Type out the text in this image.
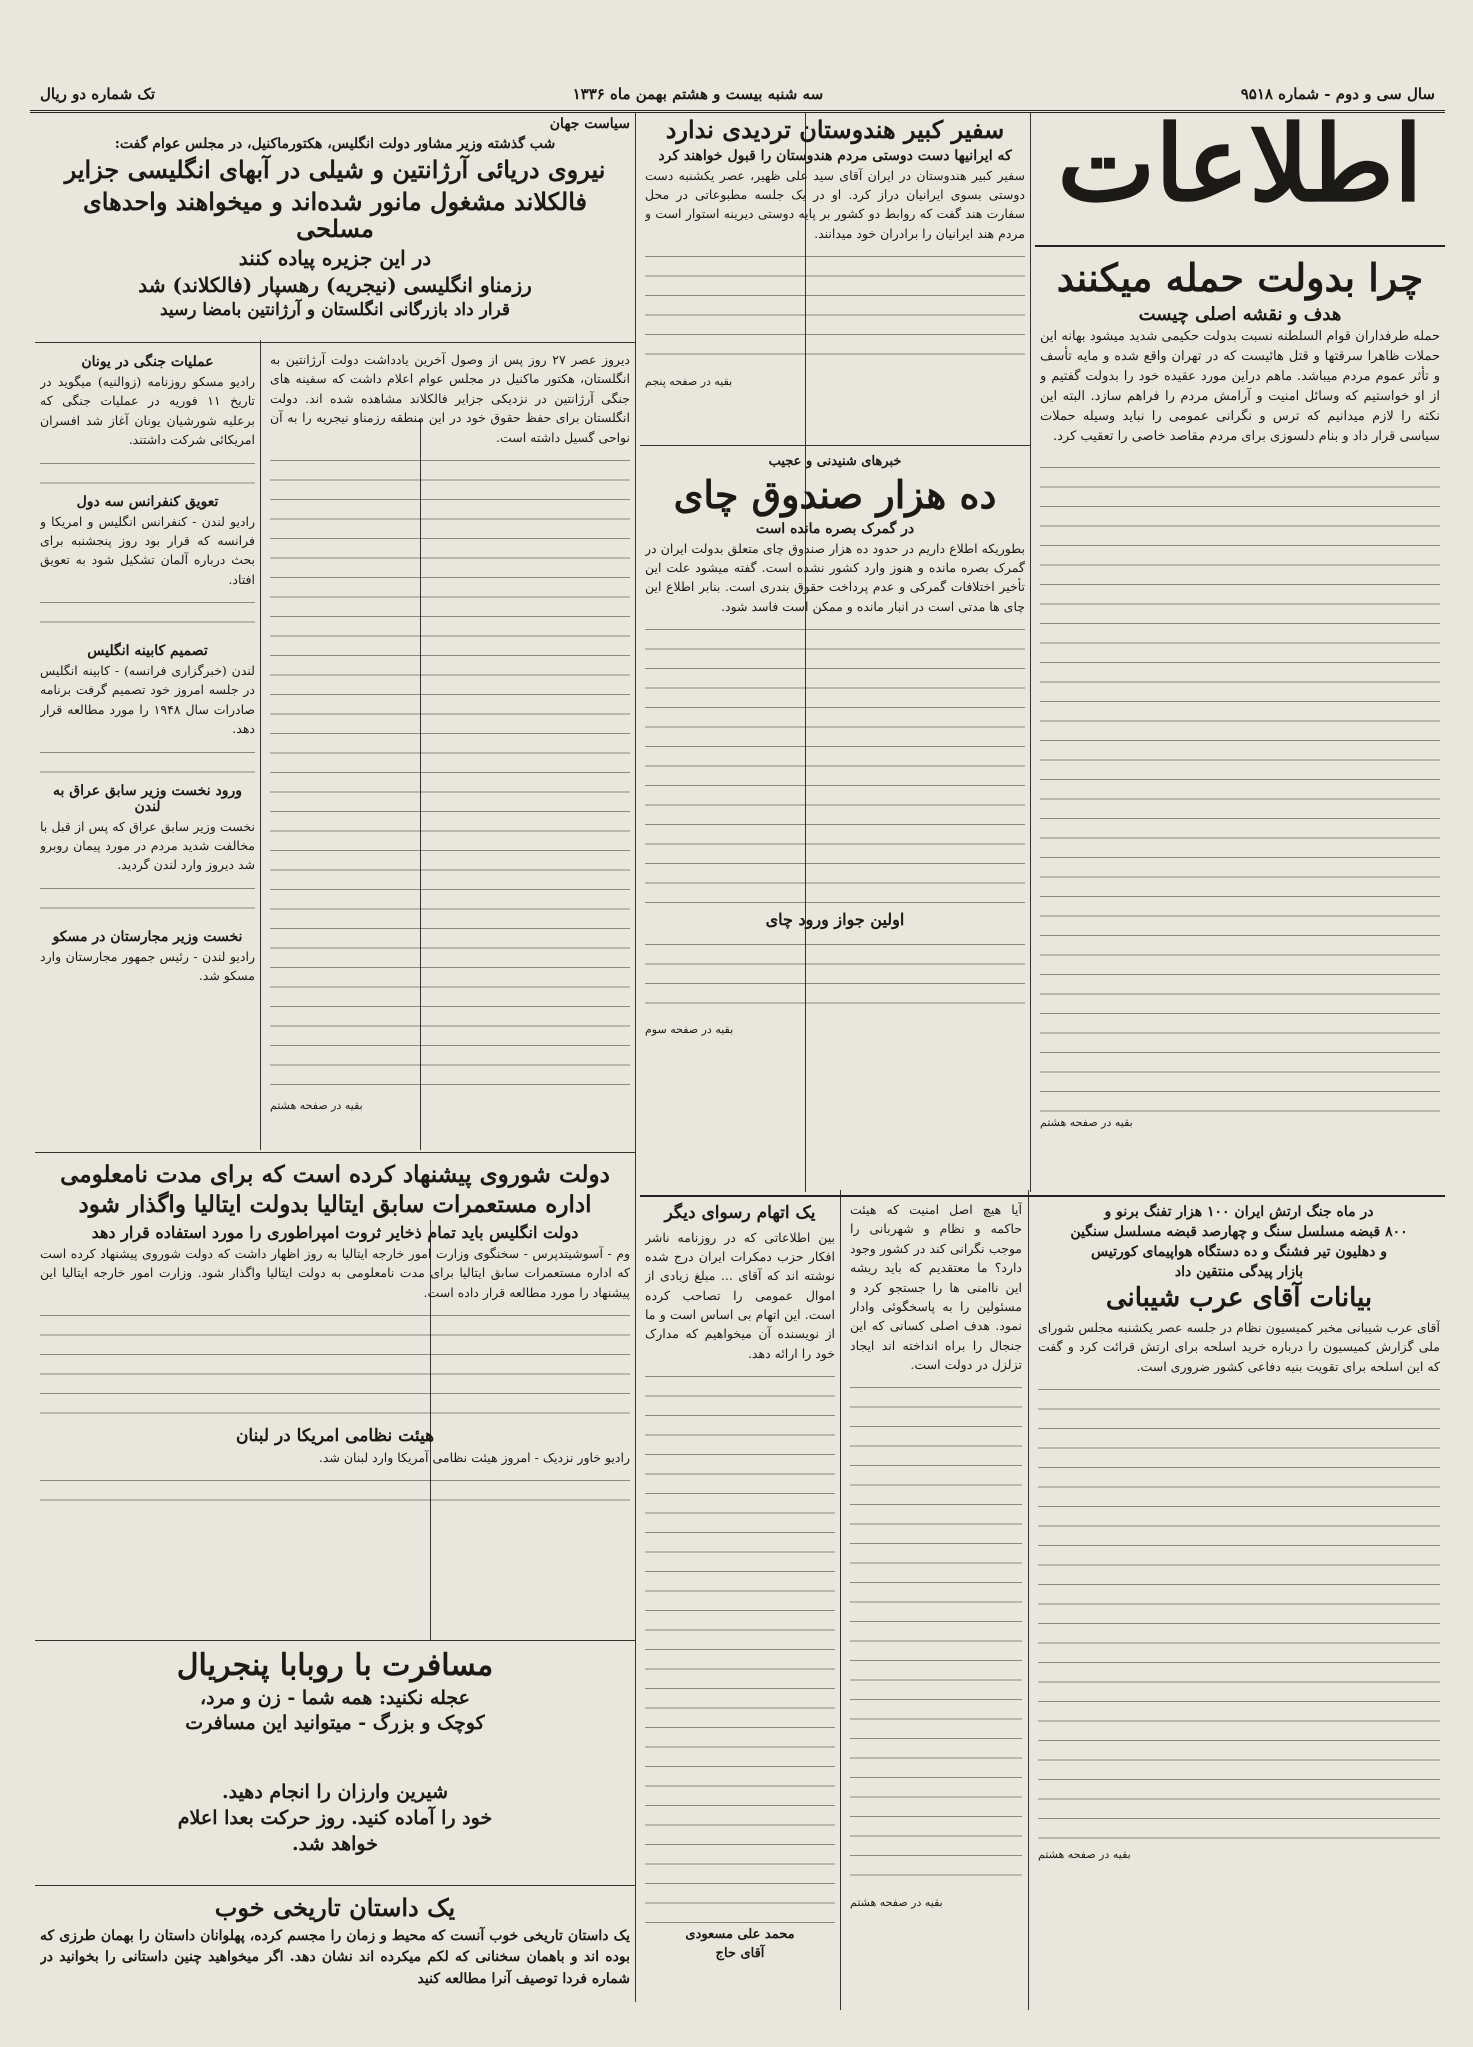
سال سی و دوم - شماره ۹۵۱۸
سه شنبه بیست و هشتم بهمن ماه ۱۳۳۶
تک شماره دو ریال
اطلاعات
چرا بدولت حمله میکنند
هدف و نقشه اصلی چیست
حمله طرفداران قوام السلطنه نسبت بدولت حکیمی شدید میشود بهانه این حملات ظاهرا سرقتها و قتل هائیست که در تهران واقع شده و مایه تأسف و تأثر عموم مردم میباشد. ماهم دراین مورد عقیده خود را بدولت گفتیم و از او خواستیم که وسائل امنیت و آرامش مردم را فراهم سازد. البته این نکته را لازم میدانیم که ترس و نگرانی عمومی را نباید وسیله حملات سیاسی قرار داد و بنام دلسوزی برای مردم مقاصد خاصی را تعقیب کرد.
بقیه در صفحه هشتم
سفیر کبیر هندوستان تردیدی ندارد
که ایرانیها دست دوستی مردم هندوستان را قبول خواهند کرد
سفیر کبیر هندوستان در ایران آقای سید علی ظهیر، عصر یکشنبه دست دوستی بسوی ایرانیان دراز کرد. او در یک جلسه مطبوعاتی در محل سفارت هند گفت که روابط دو کشور بر پایه دوستی دیرینه استوار است و مردم هند ایرانیان را برادران خود میدانند.
بقیه در صفحه پنجم
خبرهای شنیدنی و عجیب
ده هزار صندوق چای
در گمرک بصره مانده است
بطوریکه اطلاع داریم در حدود ده هزار صندوق چای متعلق بدولت ایران در گمرک بصره مانده و هنوز وارد کشور نشده است. گفته میشود علت این تأخیر اختلافات گمرکی و عدم پرداخت حقوق بندری است. بنابر اطلاع این چای ها مدتی است در انبار مانده و ممکن است فاسد شود.
اولین جواز ورود چای
بقیه در صفحه سوم
سیاست جهان
شب گذشته وزیر مشاور دولت انگلیس، هکتورماکنیل، در مجلس عوام گفت:
نیروی دریائی آرژانتین و شیلی در آبهای انگلیسی جزایر
فالکلاند مشغول مانور شده‌اند و میخواهند واحدهای مسلحی
در این جزیره پیاده کنند
رزمناو انگلیسی (نیجریه) رهسپار (فالکلاند) شد
قرار داد بازرگانی انگلستان و آرژانتین بامضا رسید
دیروز عصر ۲۷ روز پس از وصول آخرین یادداشت دولت آرژانتین به انگلستان، هکتور ماکنیل در مجلس عوام اعلام داشت که سفینه های جنگی آرژانتین در نزدیکی جزایر فالکلاند مشاهده شده اند. دولت انگلستان برای حفظ حقوق خود در این منطقه رزمناو نیجریه را به آن نواحی گسیل داشته است.
بقیه در صفحه هشتم
عملیات جنگی در یونان
رادیو مسکو روزنامه (زوالنیه) میگوید در تاریخ ۱۱ فوریه در عملیات جنگی که برعلیه شورشیان یونان آغاز شد افسران امریکائی شرکت داشتند.
تعویق کنفرانس سه دول
رادیو لندن - کنفرانس انگلیس و امریکا و فرانسه که قرار بود روز پنجشنبه برای بحث درباره آلمان تشکیل شود به تعویق افتاد.
تصمیم کابینه انگلیس
لندن (خبرگزاری فرانسه) - کابینه انگلیس در جلسه امروز خود تصمیم گرفت برنامه صادرات سال ۱۹۴۸ را مورد مطالعه قرار دهد.
ورود نخست وزیر سابق عراق به لندن
نخست وزیر سابق عراق که پس از قبل با مخالفت شدید مردم در مورد پیمان روبرو شد دیروز وارد لندن گردید.
نخست وزیر مجارستان در مسکو
رادیو لندن - رئیس جمهور مجارستان وارد مسکو شد.
دولت شوروی پیشنهاد کرده است که برای مدت نامعلومی
اداره مستعمرات سابق ایتالیا بدولت ایتالیا واگذار شود
دولت انگلیس باید تمام ذخایر ثروت امپراطوری را مورد استفاده قرار دهد
وم - آسوشیتدپرس - سخنگوی وزارت امور خارجه ایتالیا به روز اظهار داشت که دولت شوروی پیشنهاد کرده است که اداره مستعمرات سابق ایتالیا برای مدت نامعلومی به دولت ایتالیا واگذار شود. وزارت امور خارجه ایتالیا این پیشنهاد را مورد مطالعه قرار داده است.
هیئت نظامی امریکا در لبنان
رادیو خاور نزدیک - امروز هیئت نظامی آمریکا وارد لبنان شد.
مسافرت با روبابا پنجریال
عجله نکنید: همه شما - زن و مرد،
کوچک و بزرگ - میتوانید این مسافرت
شیرین وارزان را انجام دهید.
خود را آماده کنید. روز حرکت بعدا اعلام
خواهد شد.
یک داستان تاریخی خوب
یک داستان تاریخی خوب آنست که محیط و زمان را مجسم کرده، پهلوانان داستان را بهمان طرزی که بوده اند و باهمان سخنانی که لکم میکرده اند نشان دهد. اگر میخواهید چنین داستانی را بخوانید در شماره فردا توصیف آنرا مطالعه کنید
یک اتهام رسوای دیگر
بین اطلاعاتی که در روزنامه ناشر افکار حزب دمکرات ایران درج شده نوشته اند که آقای ... مبلغ زیادی از اموال عمومی را تصاحب کرده است. این اتهام بی اساس است و ما از نویسنده آن میخواهیم که مدارک خود را ارائه دهد.
محمد علی مسعودی
آقای حاج
آیا هیچ اصل امنیت که هیئت حاکمه و نظام و شهربانی را موجب نگرانی کند در کشور وجود دارد؟ ما معتقدیم که باید ریشه این ناامنی ها را جستجو کرد و مسئولین را به پاسخگوئی وادار نمود. هدف اصلی کسانی که این جنجال را براه انداخته اند ایجاد تزلزل در دولت است.
بقیه در صفحه هشتم
در ماه جنگ ارتش ایران ۱۰۰ هزار تفنگ برنو و
۸۰۰ قبضه مسلسل سنگ و چهارصد قبضه مسلسل سنگین
و دهلیون تیر فشنگ و ده دستگاه هواپیمای کورتیس
بازار پیدگی منتقین داد
بیانات آقای عرب شیبانی
آقای عرب شیبانی مخبر کمیسیون نظام در جلسه عصر یکشنبه مجلس شورای ملی گزارش کمیسیون را درباره خرید اسلحه برای ارتش قرائت کرد و گفت که این اسلحه برای تقویت بنیه دفاعی کشور ضروری است.
بقیه در صفحه هشتم
